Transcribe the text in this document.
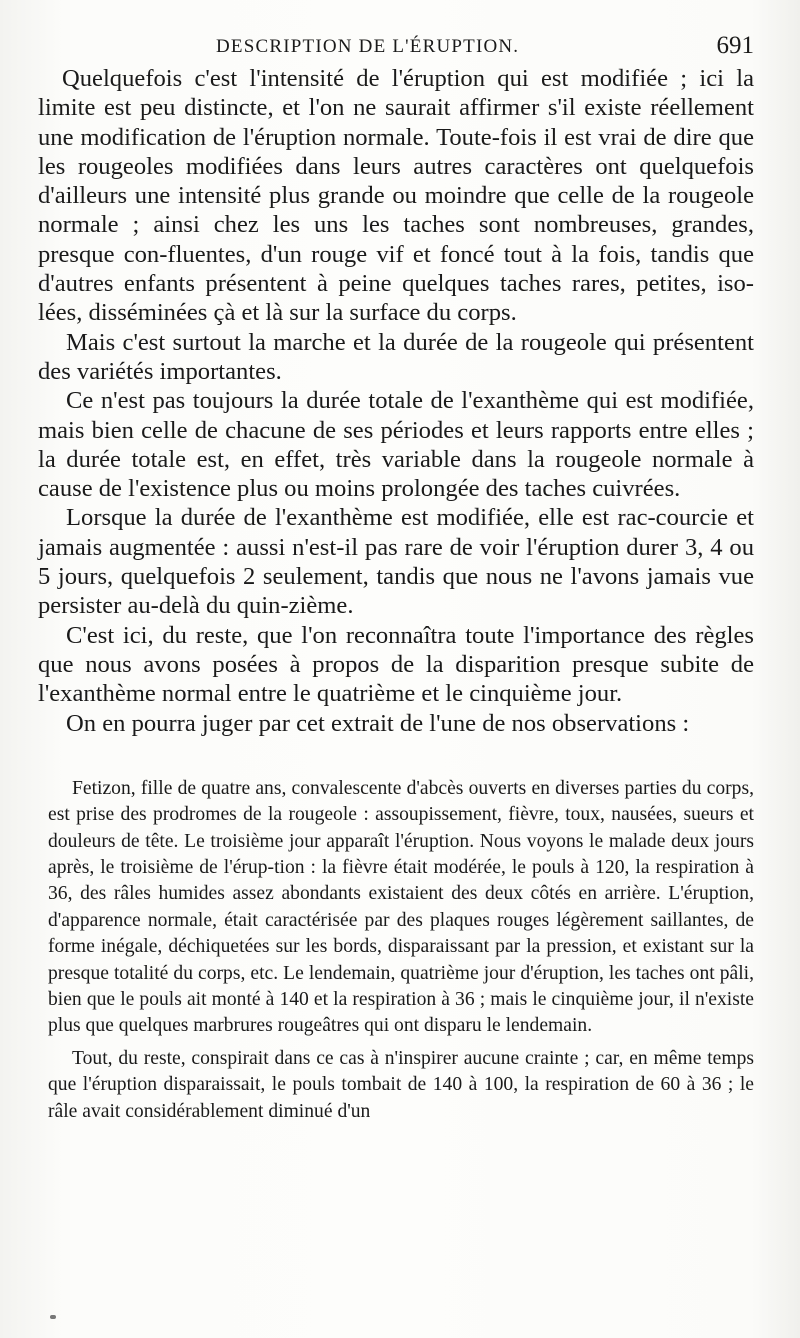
DESCRIPTION DE L'ÉRUPTION.	691

Quelquefois c'est l'intensité de l'éruption qui est modifiée ; ici la limite est peu distincte, et l'on ne saurait affirmer s'il existe réellement une modification de l'éruption normale. Toute-fois il est vrai de dire que les rougeoles modifiées dans leurs autres caractères ont quelquefois d'ailleurs une intensité plus grande ou moindre que celle de la rougeole normale ; ainsi chez les uns les taches sont nombreuses, grandes, presque con-fluentes, d'un rouge vif et foncé tout à la fois, tandis que d'autres enfants présentent à peine quelques taches rares, petites, iso-lées, disséminées çà et là sur la surface du corps.

Mais c'est surtout la marche et la durée de la rougeole qui présentent des variétés importantes.

Ce n'est pas toujours la durée totale de l'exanthème qui est modifiée, mais bien celle de chacune de ses périodes et leurs rapports entre elles ; la durée totale est, en effet, très variable dans la rougeole normale à cause de l'existence plus ou moins prolongée des taches cuivrées.

Lorsque la durée de l'exanthème est modifiée, elle est rac-courcie et jamais augmentée : aussi n'est-il pas rare de voir l'éruption durer 3, 4 ou 5 jours, quelquefois 2 seulement, tandis que nous ne l'avons jamais vue persister au-delà du quin-zième.

C'est ici, du reste, que l'on reconnaîtra toute l'importance des règles que nous avons posées à propos de la disparition presque subite de l'exanthème normal entre le quatrième et le cinquième jour.

On en pourra juger par cet extrait de l'une de nos observations :

Fetizon, fille de quatre ans, convalescente d'abcès ouverts en diverses parties du corps, est prise des prodromes de la rougeole : assoupissement, fièvre, toux, nausées, sueurs et douleurs de tête. Le troisième jour apparaît l'éruption. Nous voyons le malade deux jours après, le troisième de l'érup-tion : la fièvre était modérée, le pouls à 120, la respiration à 36, des râles humides assez abondants existaient des deux côtés en arrière. L'éruption, d'apparence normale, était caractérisée par des plaques rouges légèrement saillantes, de forme inégale, déchiquetées sur les bords, disparaissant par la pression, et existant sur la presque totalité du corps, etc. Le lendemain, quatrième jour d'éruption, les taches ont pâli, bien que le pouls ait monté à 140 et la respiration à 36 ; mais le cinquième jour, il n'existe plus que quelques marbrures rougeâtres qui ont disparu le lendemain.

Tout, du reste, conspirait dans ce cas à n'inspirer aucune crainte ; car, en même temps que l'éruption disparaissait, le pouls tombait de 140 à 100, la respiration de 60 à 36 ; le râle avait considérablement diminué d'un
